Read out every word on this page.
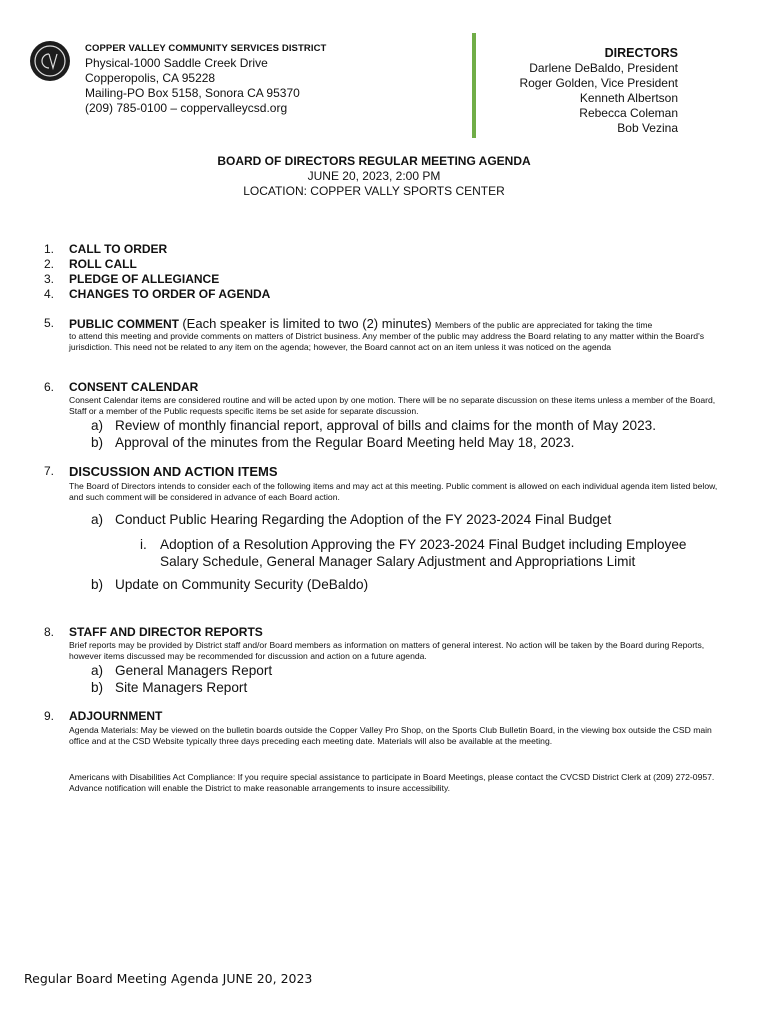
COPPER VALLEY COMMUNITY SERVICES DISTRICT
Physical-1000 Saddle Creek Drive
Copperopolis, CA 95228
Mailing-PO Box 5158, Sonora CA 95370
(209) 785-0100 – coppervalleycsd.org
DIRECTORS
Darlene DeBaldo, President
Roger Golden, Vice President
Kenneth Albertson
Rebecca Coleman
Bob Vezina
BOARD OF DIRECTORS REGULAR MEETING AGENDA
JUNE 20, 2023, 2:00 PM
LOCATION: COPPER VALLY SPORTS CENTER
1.	CALL TO ORDER
2.	ROLL CALL
3.	PLEDGE OF ALLEGIANCE
4.	CHANGES TO ORDER OF AGENDA
5.	PUBLIC COMMENT (Each speaker is limited to two (2) minutes) Members of the public are appreciated for taking the time
to attend this meeting and provide comments on matters of District business. Any member of the public may address the Board relating to any matter within the Board's jurisdiction. This need not be related to any item on the agenda; however, the Board cannot act on an item unless it was noticed on the agenda
6.	CONSENT CALENDAR
Consent Calendar items are considered routine and will be acted upon by one motion. There will be no separate discussion on these items unless a member of the Board, Staff or a member of the Public requests specific items be set aside for separate discussion.
a) Review of monthly financial report, approval of bills and claims for the month of May 2023.
b) Approval of the minutes from the Regular Board Meeting held May 18, 2023.
7.	DISCUSSION AND ACTION ITEMS
The Board of Directors intends to consider each of the following items and may act at this meeting. Public comment is allowed on each individual agenda item listed below, and such comment will be considered in advance of each Board action.
a) Conduct Public Hearing Regarding the Adoption of the FY 2023-2024 Final Budget
i. Adoption of a Resolution Approving the FY 2023-2024 Final Budget including Employee Salary Schedule, General Manager Salary Adjustment and Appropriations Limit
b) Update on Community Security (DeBaldo)
8.	STAFF AND DIRECTOR REPORTS
Brief reports may be provided by District staff and/or Board members as information on matters of general interest. No action will be taken by the Board during Reports, however items discussed may be recommended for discussion and action on a future agenda.
a) General Managers Report
b) Site Managers Report
9.	ADJOURNMENT
Agenda Materials: May be viewed on the bulletin boards outside the Copper Valley Pro Shop, on the Sports Club Bulletin Board, in the viewing box outside the CSD main office and at the CSD Website typically three days preceding each meeting date. Materials will also be available at the meeting.
Americans with Disabilities Act Compliance: If you require special assistance to participate in Board Meetings, please contact the CVCSD District Clerk at (209) 272-0957. Advance notification will enable the District to make reasonable arrangements to insure accessibility.
Regular Board Meeting Agenda JUNE 20, 2023
